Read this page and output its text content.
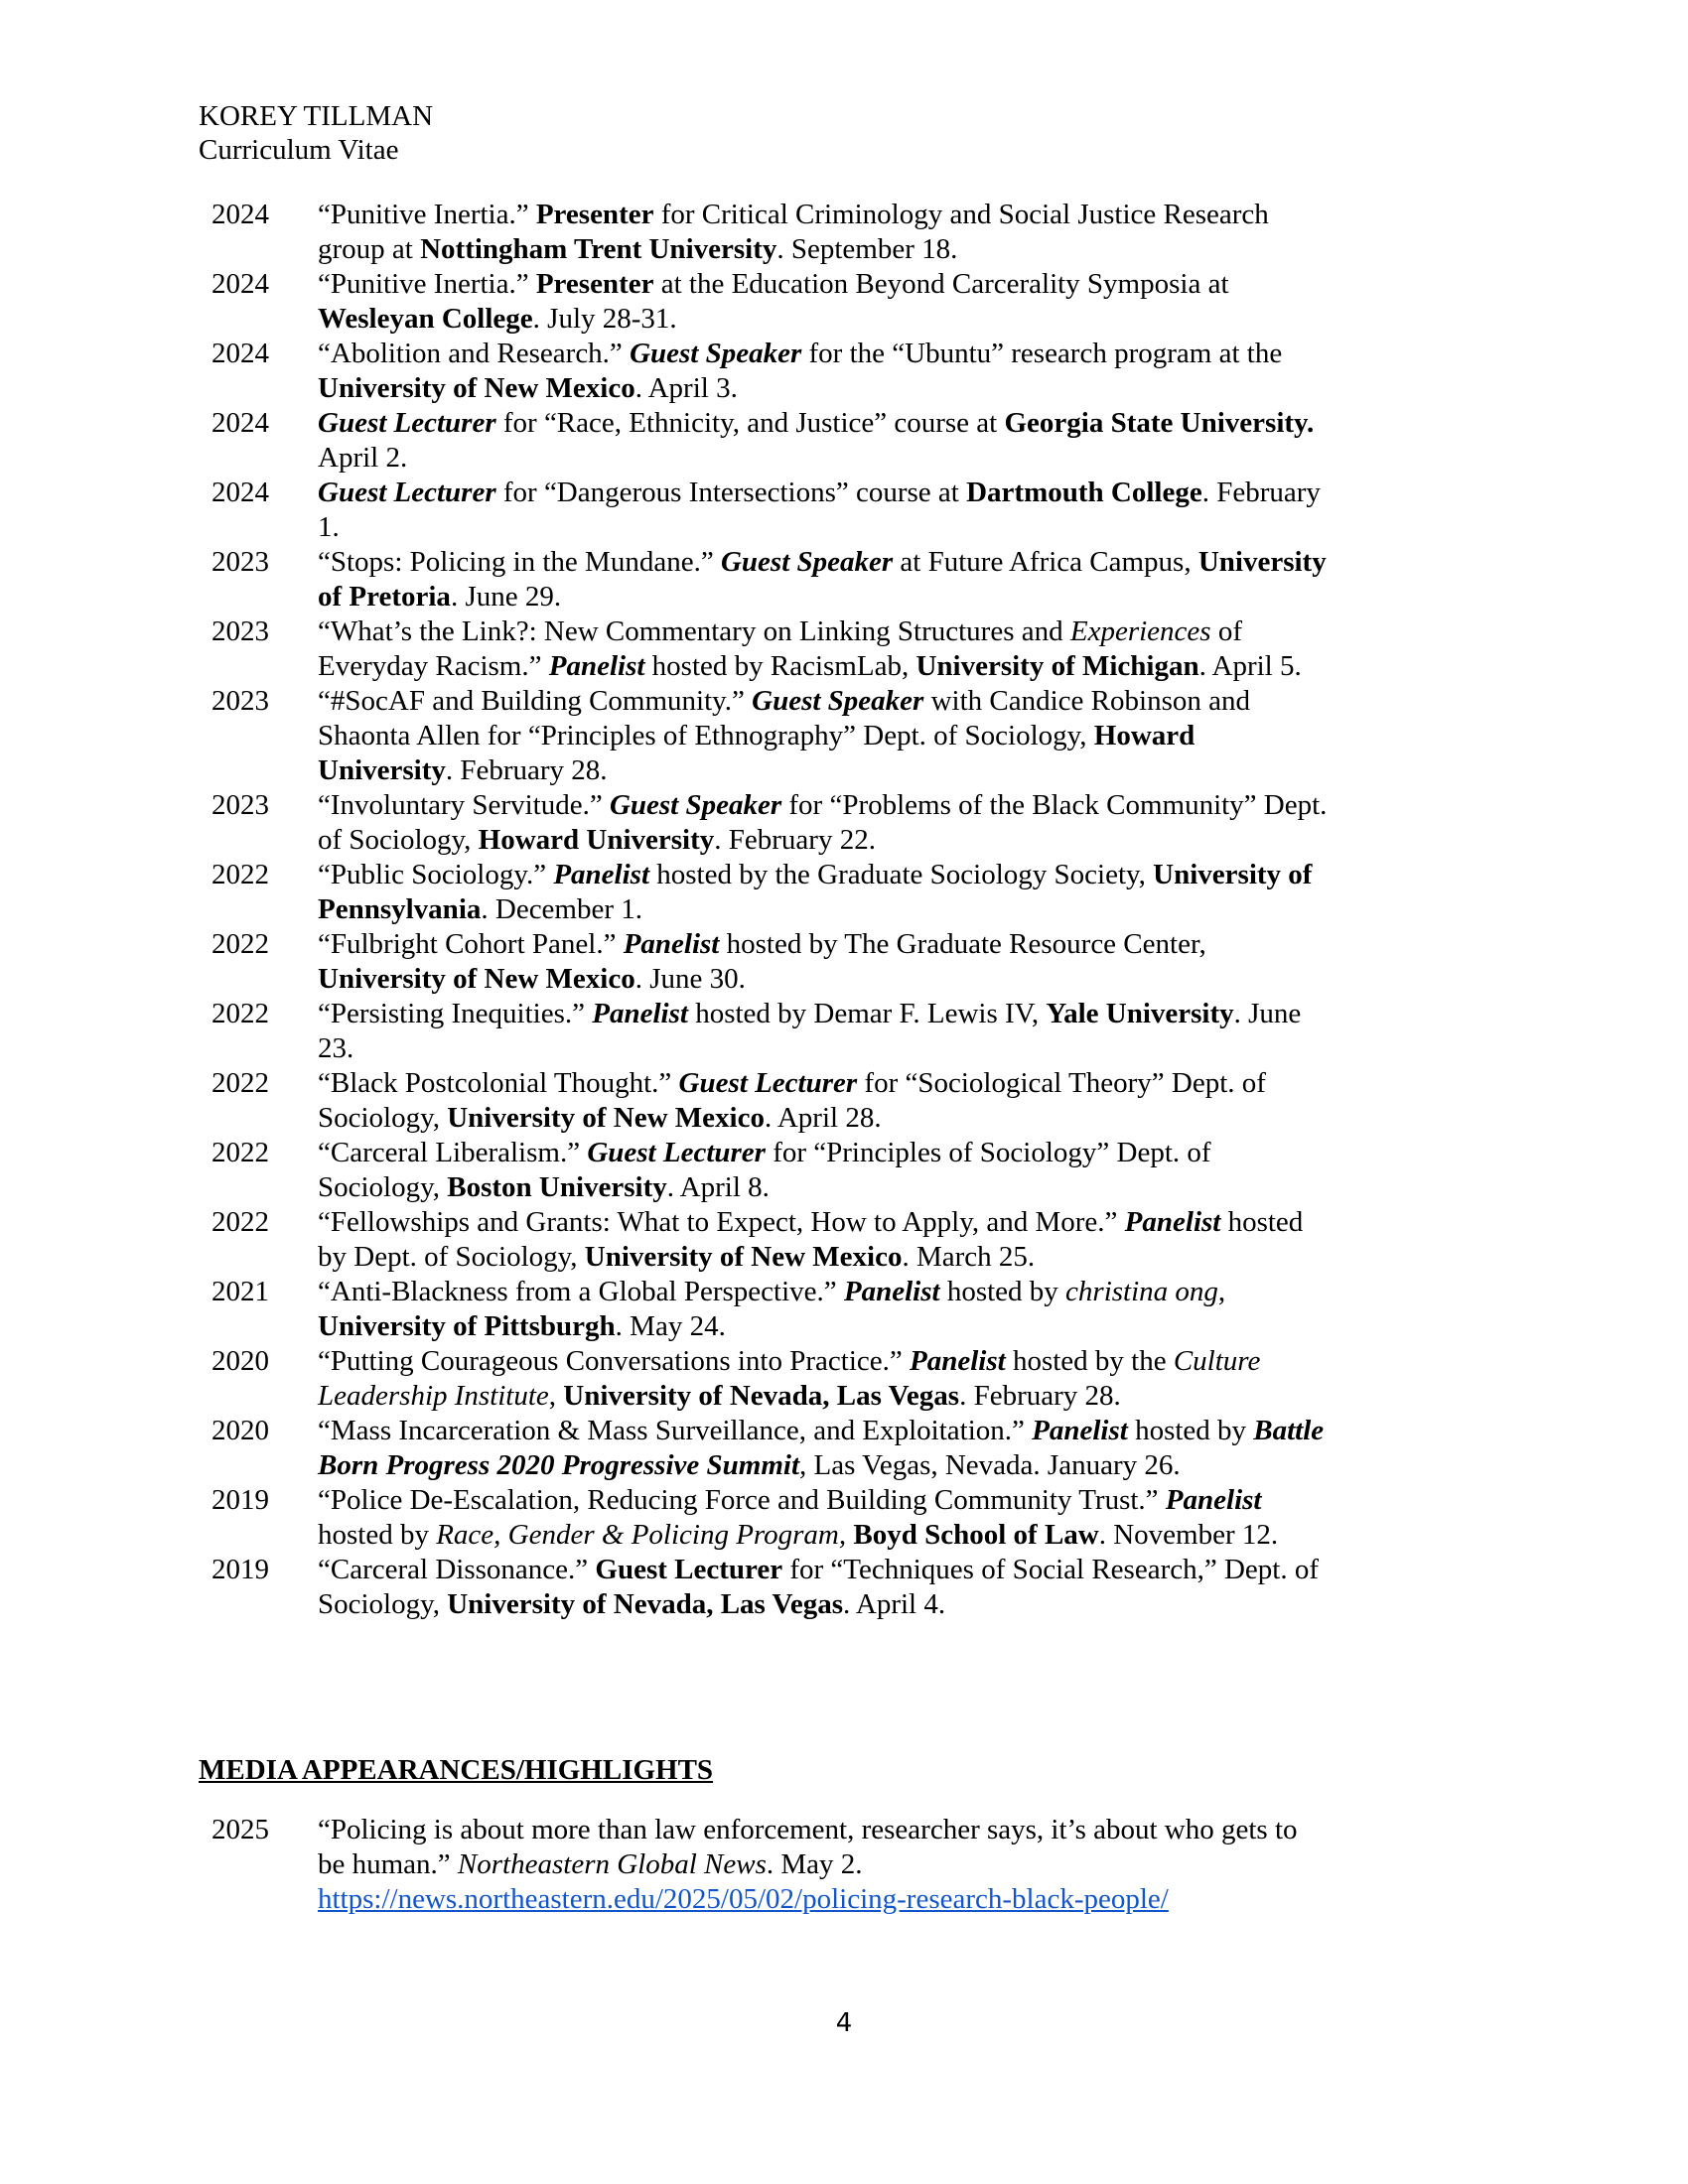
KOREY TILLMAN
Curriculum Vitae
2024	“Punitive Inertia.” Presenter for Critical Criminology and Social Justice Research group at Nottingham Trent University. September 18.
2024	“Punitive Inertia.” Presenter at the Education Beyond Carcerality Symposia at Wesleyan College. July 28-31.
2024	“Abolition and Research.” Guest Speaker for the “Ubuntu” research program at the University of New Mexico. April 3.
2024	Guest Lecturer for “Race, Ethnicity, and Justice” course at Georgia State University. April 2.
2024	Guest Lecturer for “Dangerous Intersections” course at Dartmouth College. February 1.
2023	“Stops: Policing in the Mundane.” Guest Speaker at Future Africa Campus, University of Pretoria. June 29.
2023	“What’s the Link?: New Commentary on Linking Structures and Experiences of Everyday Racism.” Panelist hosted by RacismLab, University of Michigan. April 5.
2023	“#SocAF and Building Community.” Guest Speaker with Candice Robinson and Shaonta Allen for “Principles of Ethnography” Dept. of Sociology, Howard University. February 28.
2023	“Involuntary Servitude.” Guest Speaker for “Problems of the Black Community” Dept. of Sociology, Howard University. February 22.
2022	“Public Sociology.” Panelist hosted by the Graduate Sociology Society, University of Pennsylvania. December 1.
2022	“Fulbright Cohort Panel.” Panelist hosted by The Graduate Resource Center, University of New Mexico. June 30.
2022	“Persisting Inequities.” Panelist hosted by Demar F. Lewis IV, Yale University. June 23.
2022	“Black Postcolonial Thought.” Guest Lecturer for “Sociological Theory” Dept. of Sociology, University of New Mexico. April 28.
2022	“Carceral Liberalism.” Guest Lecturer for “Principles of Sociology” Dept. of Sociology, Boston University. April 8.
2022	“Fellowships and Grants: What to Expect, How to Apply, and More.” Panelist hosted by Dept. of Sociology, University of New Mexico. March 25.
2021	“Anti-Blackness from a Global Perspective.” Panelist hosted by christina ong, University of Pittsburgh. May 24.
2020	“Putting Courageous Conversations into Practice.” Panelist hosted by the Culture Leadership Institute, University of Nevada, Las Vegas. February 28.
2020	“Mass Incarceration & Mass Surveillance, and Exploitation.” Panelist hosted by Battle Born Progress 2020 Progressive Summit, Las Vegas, Nevada. January 26.
2019	“Police De-Escalation, Reducing Force and Building Community Trust.” Panelist hosted by Race, Gender & Policing Program, Boyd School of Law. November 12.
2019	“Carceral Dissonance.” Guest Lecturer for “Techniques of Social Research,” Dept. of Sociology, University of Nevada, Las Vegas. April 4.
MEDIA APPEARANCES/HIGHLIGHTS
2025	“Policing is about more than law enforcement, researcher says, it’s about who gets to be human.” Northeastern Global News. May 2.
https://news.northeastern.edu/2025/05/02/policing-research-black-people/
4
